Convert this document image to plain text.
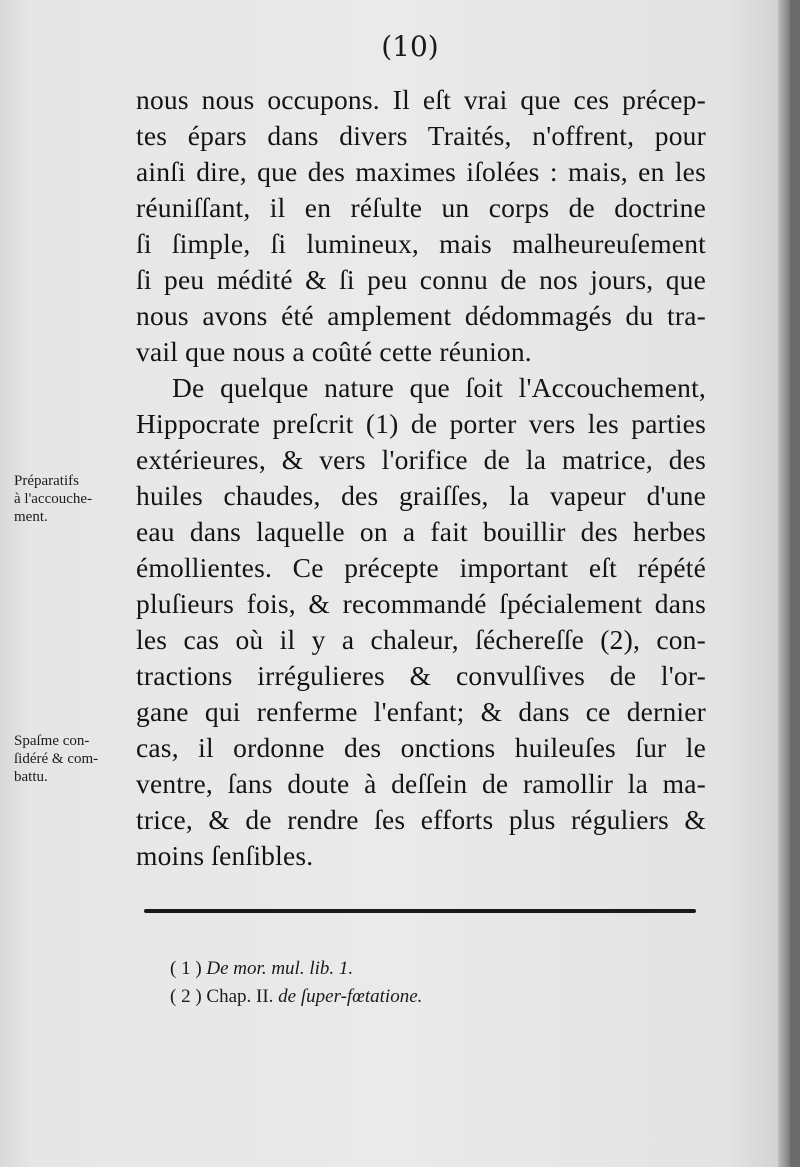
(10)
nous nous occupons. Il eſt vrai que ces précep-
tes épars dans divers Traités, n'offrent, pour
ainſi dire, que des maximes iſolées : mais, en les
réuniſſant, il en réſulte un corps de doctrine
ſi ſimple, ſi lumineux, mais malheureuſement
ſi peu médité & ſi peu connu de nos jours, que
nous avons été amplement dédommagés du tra-
vail que nous a coûté cette réunion.
De quelque nature que ſoit l'Accouchement,
Hippocrate preſcrit (1) de porter vers les parties
extérieures, & vers l'orifice de la matrice, des
huiles chaudes, des graiſſes, la vapeur d'une
eau dans laquelle on a fait bouillir des herbes
émollientes. Ce précepte important eſt répété
pluſieurs fois, & recommandé ſpécialement dans
les cas où il y a chaleur, ſéchereſſe (2), con-
tractions irrégulieres & convulſives de l'or-
gane qui renferme l'enfant; & dans ce dernier
cas, il ordonne des onctions huileuſes ſur le
ventre, ſans doute à deſſein de ramollir la ma-
trice, & de rendre ſes efforts plus réguliers &
moins ſenſibles.
Préparatifs
à l'accouche-
ment.
Spaſme con-
ſidéré & com-
battu.
( 1 ) De mor. mul. lib. 1.
( 2 ) Chap. II. de ſuper-fœtatione.
